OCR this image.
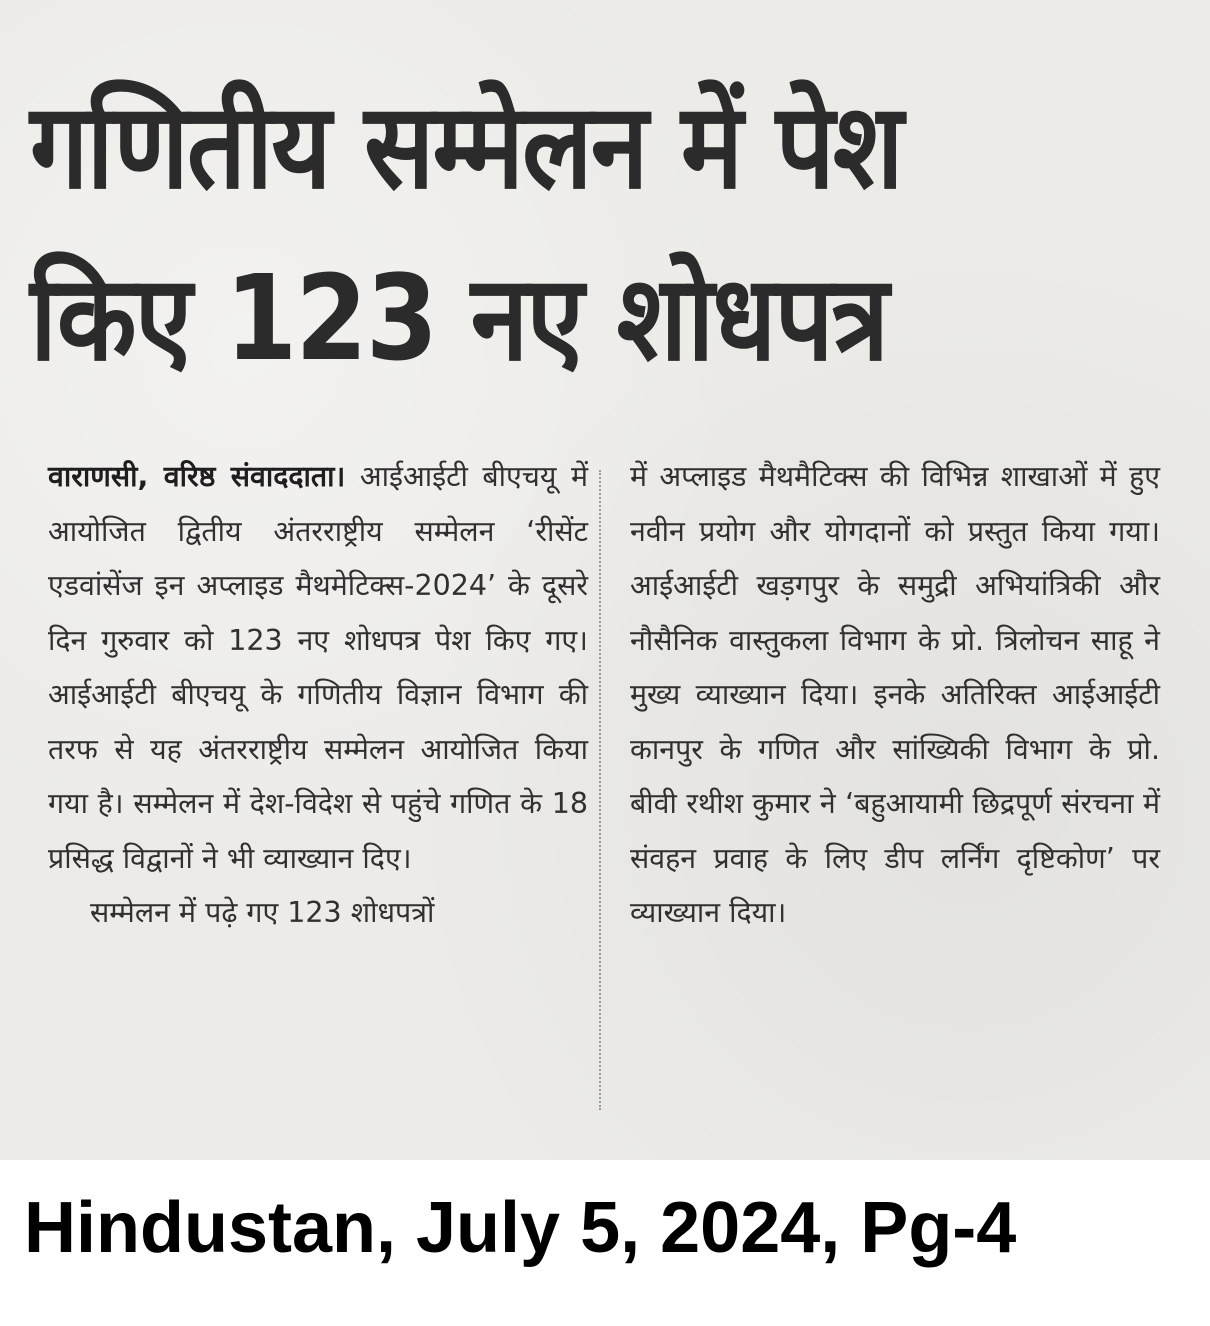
गणितीय सम्मेलन में पेश
किए 123 नए शोधपत्र
वाराणसी, वरिष्ठ संवाददाता। आईआईटी बीएचयू में आयोजित द्वितीय अंतरराष्ट्रीय सम्मेलन ‘रीसेंट एडवांसेंज इन अप्लाइड मैथमेटिक्स-2024’ के दूसरे दिन गुरुवार को 123 नए शोधपत्र पेश किए गए। आईआईटी बीएचयू के गणितीय विज्ञान विभाग की तरफ से यह अंतरराष्ट्रीय सम्मेलन आयोजित किया गया है। सम्मेलन में देश-विदेश से पहुंचे गणित के 18 प्रसिद्ध विद्वानों ने भी व्याख्यान दिए।
सम्मेलन में पढ़े गए 123 शोधपत्रों
में अप्लाइड मैथमैटिक्स की विभिन्न शाखाओं में हुए नवीन प्रयोग और योगदानों को प्रस्तुत किया गया। आईआईटी खड़गपुर के समुद्री अभियांत्रिकी और नौसैनिक वास्तुकला विभाग के प्रो. त्रिलोचन साहू ने मुख्य व्याख्यान दिया। इनके अतिरिक्त आईआईटी कानपुर के गणित और सांख्यिकी विभाग के प्रो. बीवी रथीश कुमार ने ‘बहुआयामी छिद्रपूर्ण संरचना में संवहन प्रवाह के लिए डीप लर्निंग दृष्टिकोण’ पर व्याख्यान दिया।

Hindustan, July 5, 2024, Pg-4
